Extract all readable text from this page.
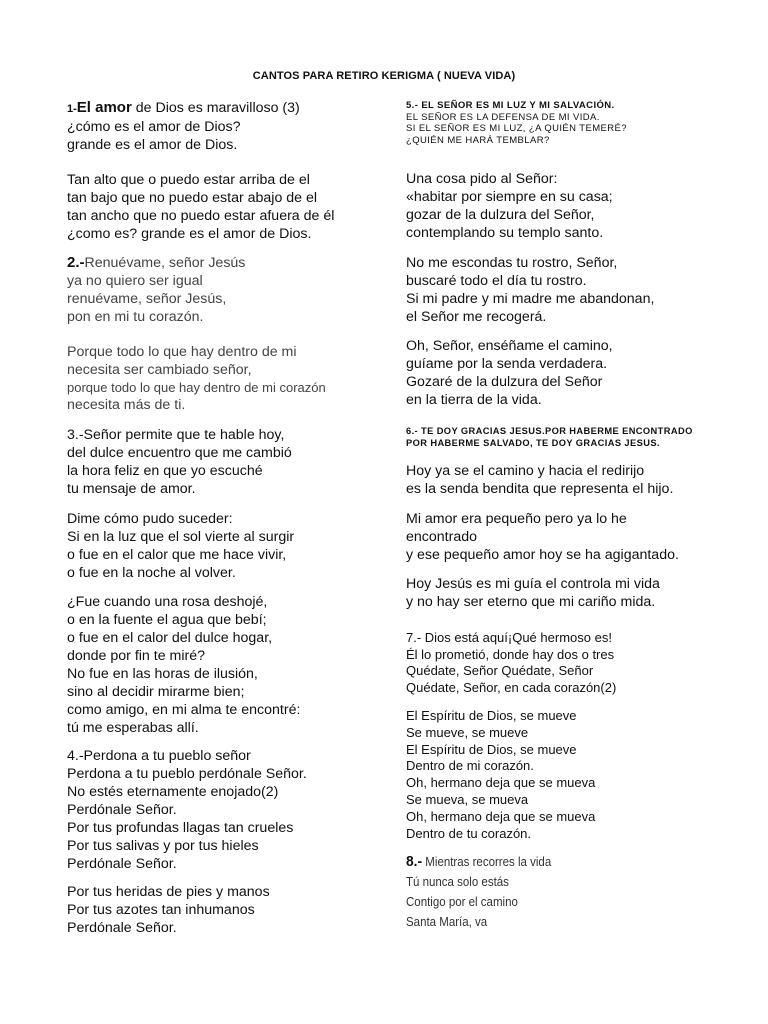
CANTOS PARA RETIRO KERIGMA ( NUEVA VIDA)
1-El amor de Dios es maravilloso (3)
¿cómo es el amor de Dios?
grande es el amor de Dios.
Tan alto que o puedo estar arriba de el
tan bajo que no puedo estar abajo de el
tan ancho que no puedo estar afuera de él
¿como es? grande es el amor de Dios.
2.-Renuévame, señor Jesús
ya no quiero ser igual
renuévame, señor Jesús,
pon en mi tu corazón.
Porque todo lo que hay dentro de mi
necesita ser cambiado señor,
porque todo lo que hay dentro de mi corazón
necesita más de ti.
3.-Señor permite que te hable hoy,
del dulce encuentro que me cambió
la hora feliz en que yo escuché
tu mensaje de amor.
Dime cómo pudo suceder:
Si en la luz que el sol vierte al surgir
o fue en el calor que me hace vivir,
o fue en la noche al volver.
¿Fue cuando una rosa deshojé,
o en la fuente el agua que bebí;
o fue en el calor del dulce hogar,
donde por fin te miré?
No fue en las horas de ilusión,
sino al decidir mirarme bien;
como amigo, en mi alma te encontré:
tú me esperabas allí.
4.-Perdona a tu pueblo señor
Perdona a tu pueblo perdónale Señor.
No estés eternamente enojado(2)
Perdónale Señor.
Por tus profundas llagas tan crueles
Por tus salivas y por tus hieles
Perdónale Señor.
Por tus heridas de pies y manos
Por tus azotes tan inhumanos
Perdónale Señor.
5.- EL SEÑOR ES MI LUZ Y MI SALVACIÓN.
EL SEÑOR ES LA DEFENSA DE MI VIDA.
SI EL SEÑOR ES MI LUZ, ¿A QUIÉN TEMERÉ?
¿QUIÉN ME HARÁ TEMBLAR?
Una cosa pido al Señor:
«habitar por siempre en su casa;
gozar de la dulzura del Señor,
contemplando su templo santo.
No me escondas tu rostro, Señor,
buscaré todo el día tu rostro.
Si mi padre y mi madre me abandonan,
el Señor me recogerá.
Oh, Señor, enséñame el camino,
guíame por la senda verdadera.
Gozaré de la dulzura del Señor
en la tierra de la vida.
6.- TE DOY GRACIAS JESUS.POR HABERME ENCONTRADO
POR HABERME SALVADO, TE DOY GRACIAS JESUS.
Hoy ya se el camino y hacia el redirijo
es la senda bendita que representa el hijo.
Mi amor era pequeño pero ya lo he
encontrado
y ese pequeño amor hoy se ha agigantado.
Hoy Jesús es mi guía el controla mi vida
y no hay ser eterno que mi cariño mida.
7.- Dios está aquí¡Qué hermoso es!
Él lo prometió, donde hay dos o tres
Quédate, Señor Quédate, Señor
Quédate, Señor, en cada corazón(2)
El Espíritu de Dios, se mueve
Se mueve, se mueve
El Espíritu de Dios, se mueve
Dentro de mi corazón.
Oh, hermano deja que se mueva
Se mueva, se mueva
Oh, hermano deja que se mueva
Dentro de tu corazón.
8.- Mientras recorres la vida
Tú nunca solo estás
Contigo por el camino
Santa María, va
